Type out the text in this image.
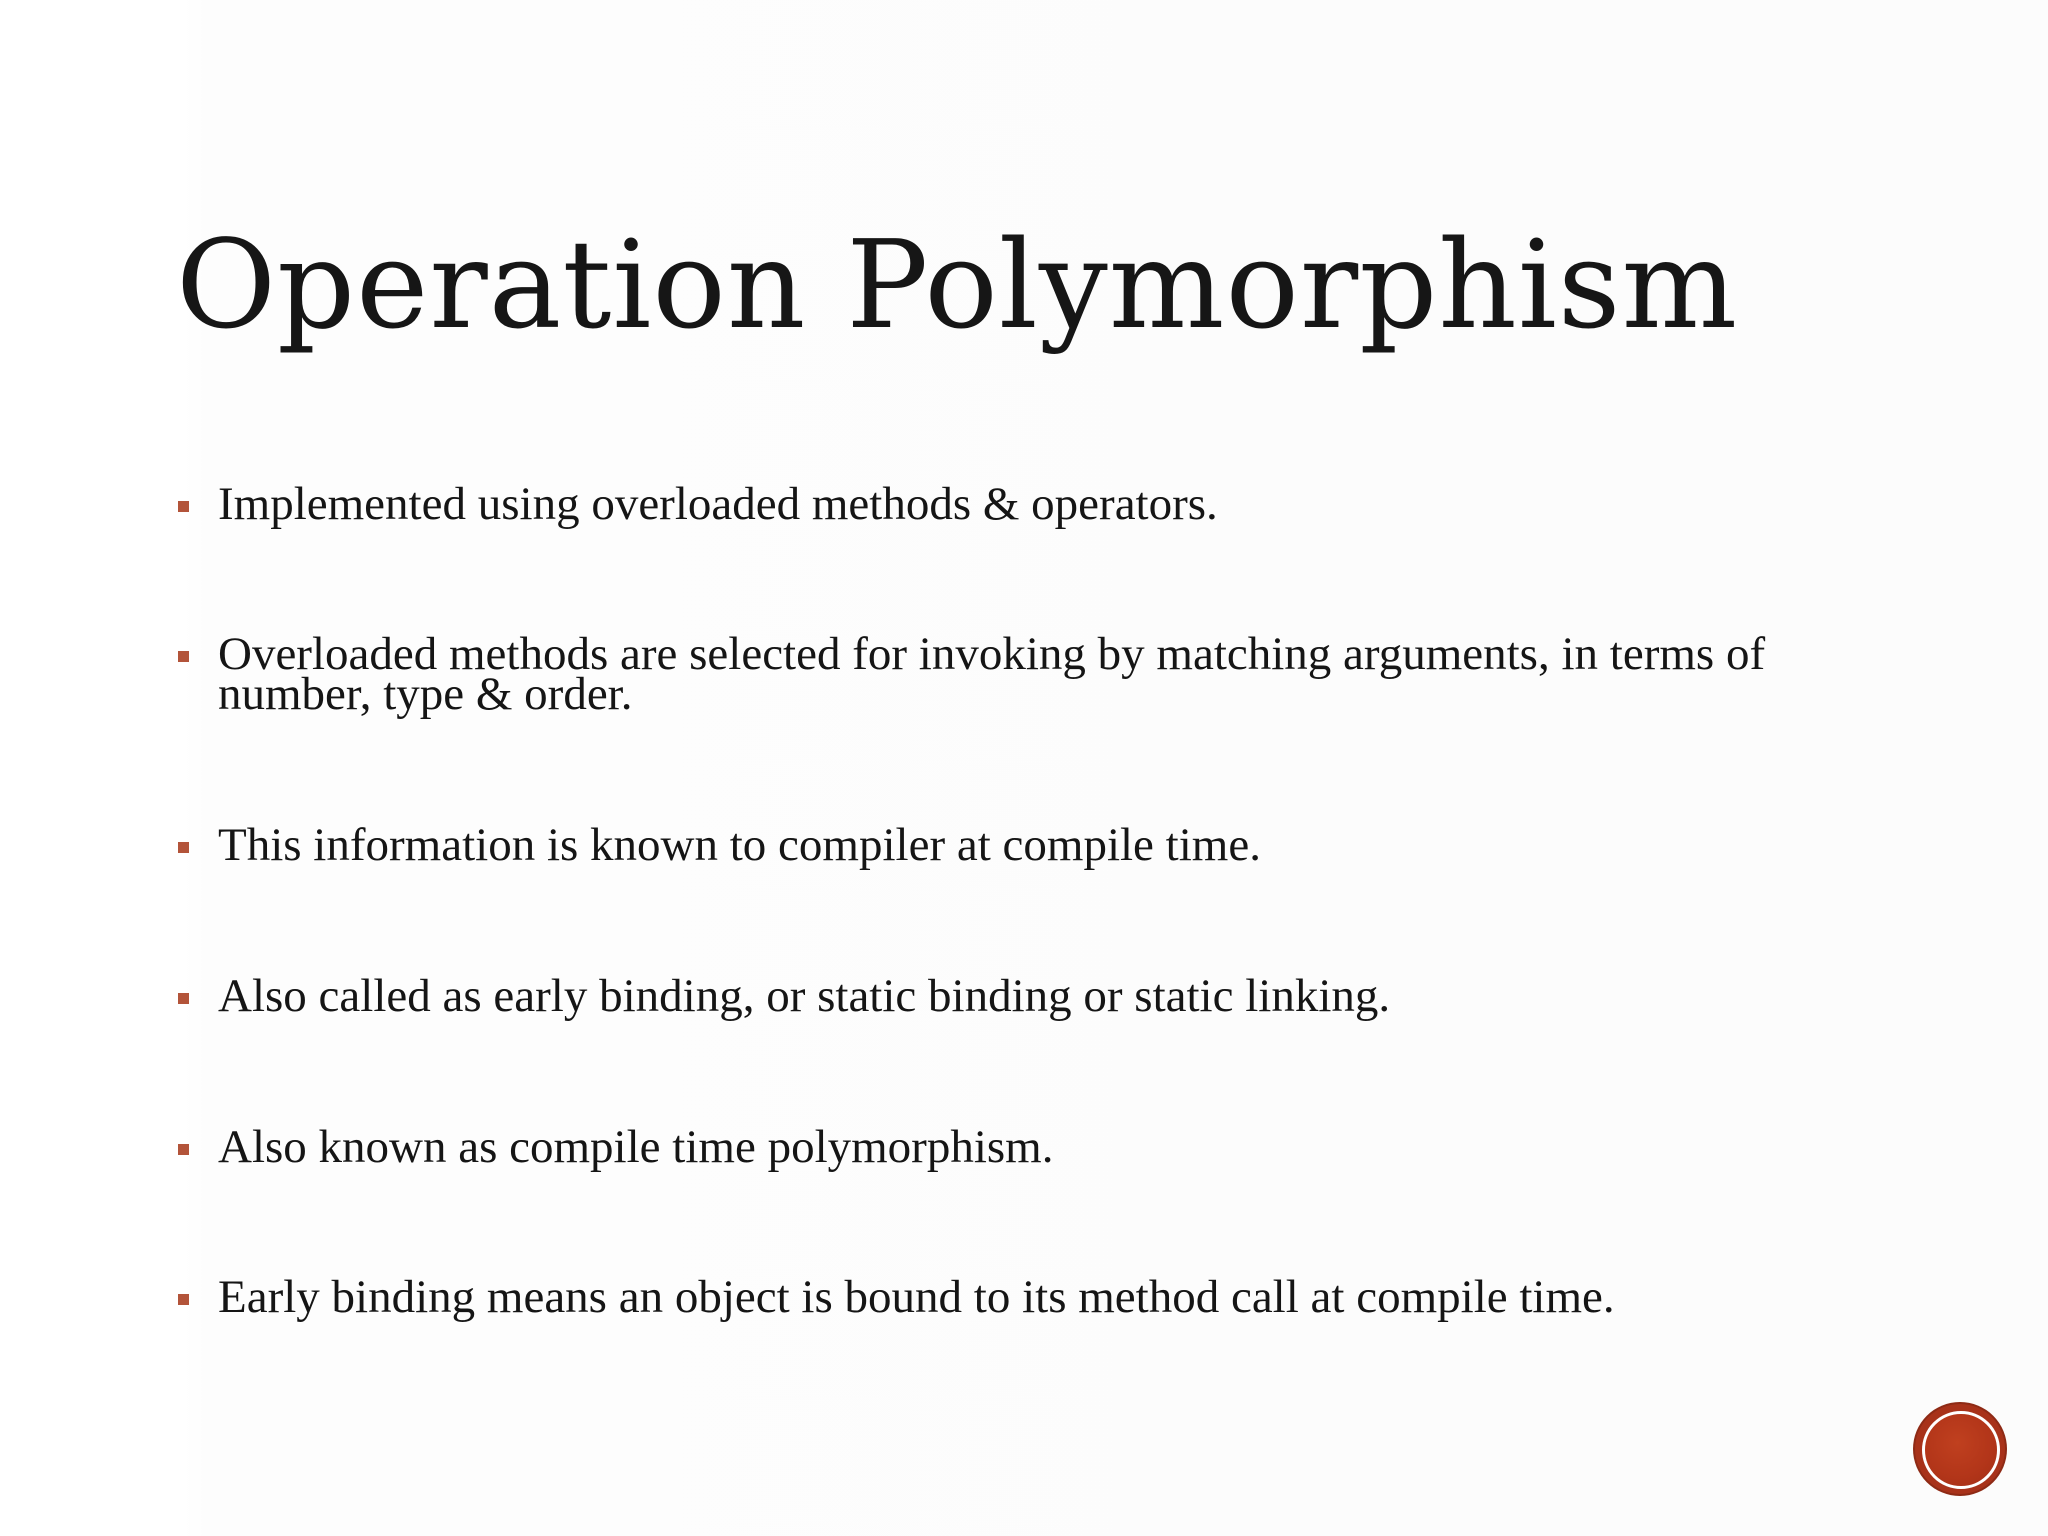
Operation Polymorphism
Implemented using overloaded methods & operators.
Overloaded methods are selected for invoking by matching arguments, in terms of number, type & order.
This information is known to compiler at compile time.
Also called as early binding, or static binding or static linking.
Also known as compile time polymorphism.
Early binding means an object is bound to its method call at compile time.
